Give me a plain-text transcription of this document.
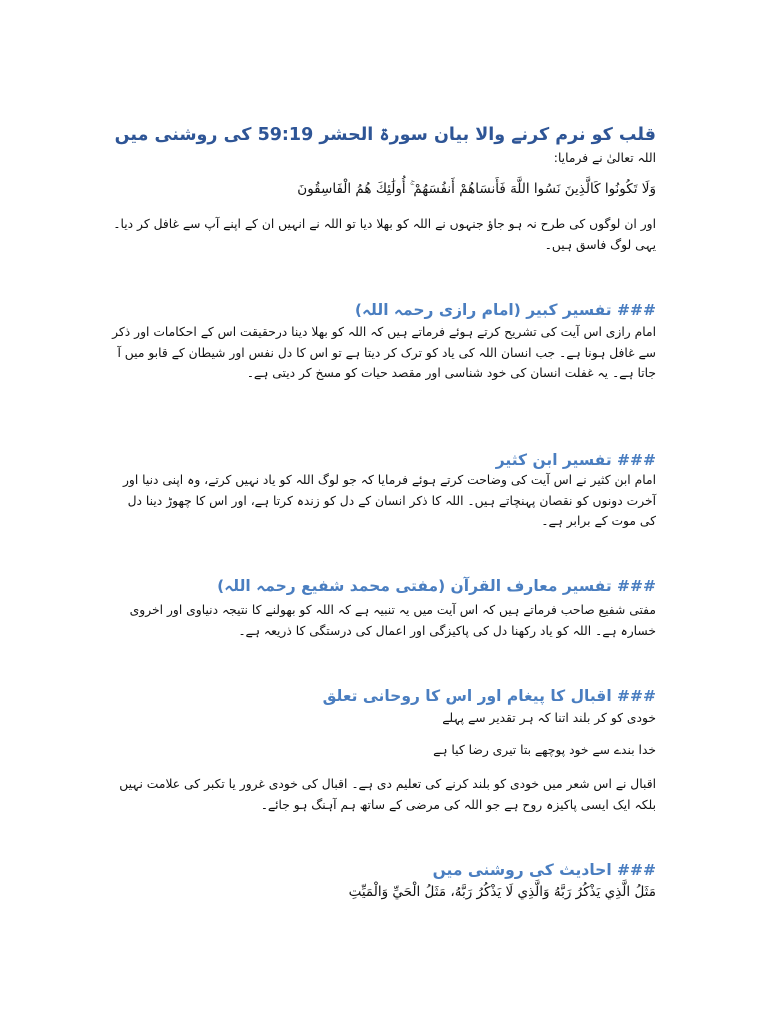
قلب کو نرم کرنے والا بیان سورۃ الحشر 59:19 کی روشنی میں

اللہ تعالیٰ نے فرمایا:

وَلَا تَكُونُوا كَالَّذِينَ نَسُوا اللَّهَ فَأَنسَاهُمْ أَنفُسَهُمْ ۚ أُولَٰئِكَ هُمُ الْفَاسِقُونَ

اور ان لوگوں کی طرح نہ ہو جاؤ جنہوں نے اللہ کو بھلا دیا تو اللہ نے انہیں ان کے اپنے آپ سے غافل کر دیا۔ یہی لوگ فاسق ہیں۔

### تفسیر کبیر (امام رازی رحمہ اللہ)

امام رازی اس آیت کی تشریح کرتے ہوئے فرماتے ہیں کہ اللہ کو بھلا دینا درحقیقت اس کے احکامات اور ذکر سے غافل ہونا ہے۔ جب انسان اللہ کی یاد کو ترک کر دیتا ہے تو اس کا دل نفس اور شیطان کے قابو میں آ جاتا ہے۔ یہ غفلت انسان کی خود شناسی اور مقصد حیات کو مسخ کر دیتی ہے۔

### تفسیر ابن کثیر

امام ابن کثیر نے اس آیت کی وضاحت کرتے ہوئے فرمایا کہ جو لوگ اللہ کو یاد نہیں کرتے، وہ اپنی دنیا اور آخرت دونوں کو نقصان پہنچاتے ہیں۔ اللہ کا ذکر انسان کے دل کو زندہ کرتا ہے، اور اس کا چھوڑ دینا دل کی موت کے برابر ہے۔

### تفسیر معارف القرآن (مفتی محمد شفیع رحمہ اللہ)

مفتی شفیع صاحب فرماتے ہیں کہ اس آیت میں یہ تنبیہ ہے کہ اللہ کو بھولنے کا نتیجہ دنیاوی اور اخروی خسارہ ہے۔ اللہ کو یاد رکھنا دل کی پاکیزگی اور اعمال کی درستگی کا ذریعہ ہے۔

### اقبال کا پیغام اور اس کا روحانی تعلق

خودی کو کر بلند اتنا کہ ہر تقدیر سے پہلے

خدا بندے سے خود پوچھے بتا تیری رضا کیا ہے

اقبال نے اس شعر میں خودی کو بلند کرنے کی تعلیم دی ہے۔ اقبال کی خودی غرور یا تکبر کی علامت نہیں بلکہ ایک ایسی پاکیزہ روح ہے جو اللہ کی مرضی کے ساتھ ہم آہنگ ہو جائے۔

### احادیث کی روشنی میں

مَثَلُ الَّذِي يَذْكُرُ رَبَّهُ وَالَّذِي لَا يَذْكُرُ رَبَّهُ، مَثَلُ الْحَيِّ وَالْمَيِّتِ
